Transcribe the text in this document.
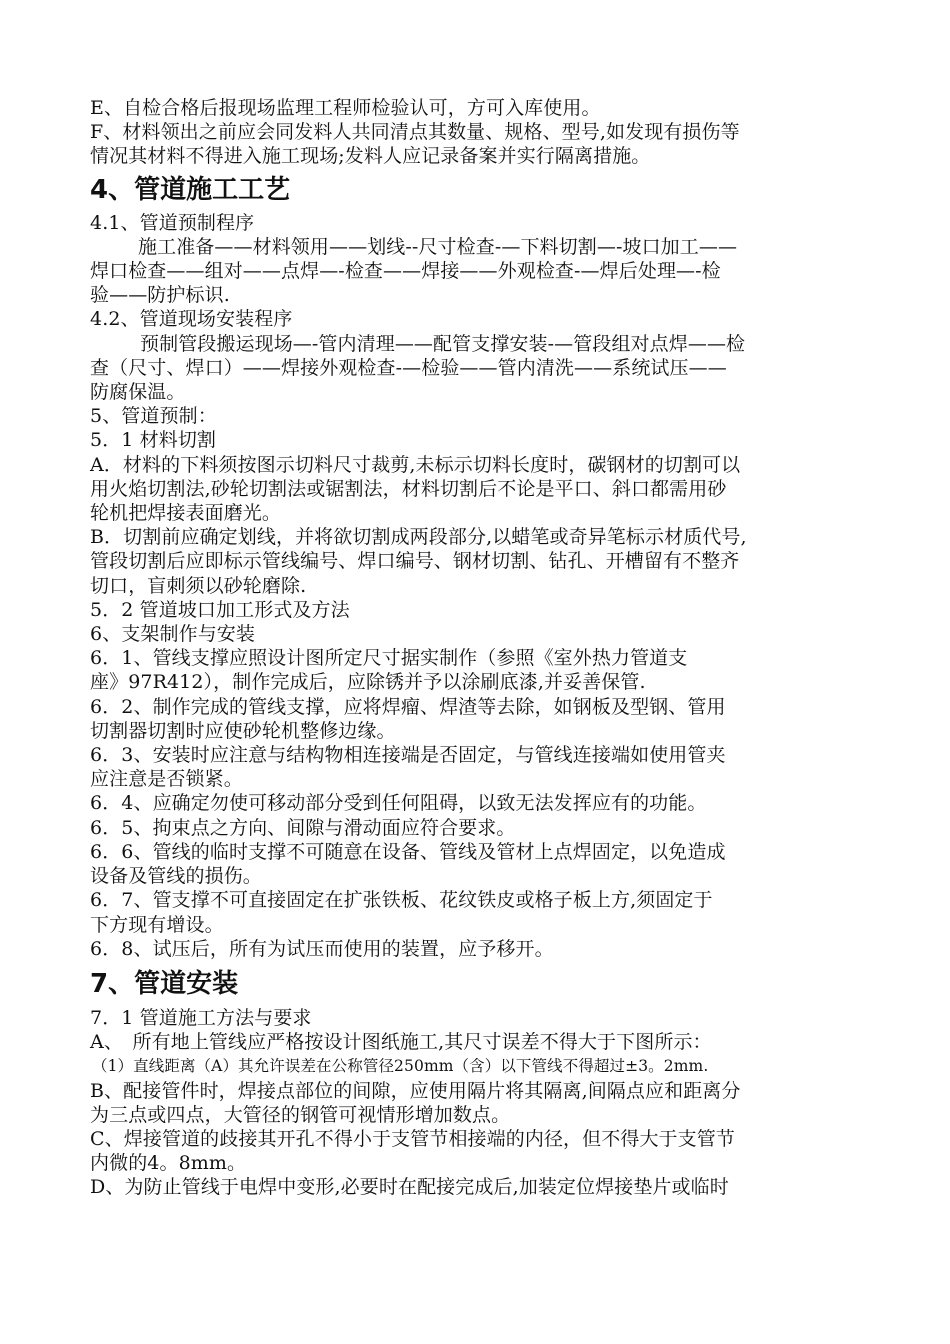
E、自检合格后报现场监理工程师检验认可，方可入库使用。
F、材料领出之前应会同发料人共同清点其数量、规格、型号,如发现有损伤等
情况其材料不得进入施工现场;发料人应记录备案并实行隔离措施。
4、管道施工工艺
4.1、管道预制程序
施工准备——材料领用——划线--尺寸检查-—下料切割—-坡口加工——
焊口检查——组对——点焊—-检查——焊接——外观检查-—焊后处理—-检
验——防护标识.
4.2、管道现场安装程序
预制管段搬运现场—-管内清理——配管支撑安装-—管段组对点焊——检
查（尺寸、焊口）——焊接外观检查-—检验——管内清洗——系统试压——
防腐保温。
5、管道预制：
5．1 材料切割
A．材料的下料须按图示切料尺寸裁剪,未标示切料长度时，碳钢材的切割可以
用火焰切割法,砂轮切割法或锯割法，材料切割后不论是平口、斜口都需用砂
轮机把焊接表面磨光。
B．切割前应确定划线，并将欲切割成两段部分,以蜡笔或奇异笔标示材质代号,
管段切割后应即标示管线编号、焊口编号、钢材切割、钻孔、开槽留有不整齐
切口，盲刺须以砂轮磨除.
5．2 管道坡口加工形式及方法
6、支架制作与安装
6．1、管线支撑应照设计图所定尺寸据实制作（参照《室外热力管道支
座》97R412），制作完成后，应除锈并予以涂刷底漆,并妥善保管.
6．2、制作完成的管线支撑，应将焊瘤、焊渣等去除，如钢板及型钢、管用
切割器切割时应使砂轮机整修边缘。
6．3、安装时应注意与结构物相连接端是否固定，与管线连接端如使用管夹
应注意是否锁紧。
6．4、应确定勿使可移动部分受到任何阻碍，以致无法发挥应有的功能。
6．5、拘束点之方向、间隙与滑动面应符合要求。
6．6、管线的临时支撑不可随意在设备、管线及管材上点焊固定，以免造成
设备及管线的损伤。
6．7、管支撑不可直接固定在扩张铁板、花纹铁皮或格子板上方,须固定于
下方现有增设。
6．8、试压后，所有为试压而使用的装置，应予移开。
7、管道安装
7．1 管道施工方法与要求
A、　所有地上管线应严格按设计图纸施工,其尺寸误差不得大于下图所示：
（1）直线距离（A）其允许误差在公称管径250mm（含）以下管线不得超过±3。2mm.
B、配接管件时，焊接点部位的间隙，应使用隔片将其隔离,间隔点应和距离分
为三点或四点，大管径的钢管可视情形增加数点。
C、焊接管道的歧接其开孔不得小于支管节相接端的内径，但不得大于支管节
内微的4。8mm。
D、为防止管线于电焊中变形,必要时在配接完成后,加装定位焊接垫片或临时
